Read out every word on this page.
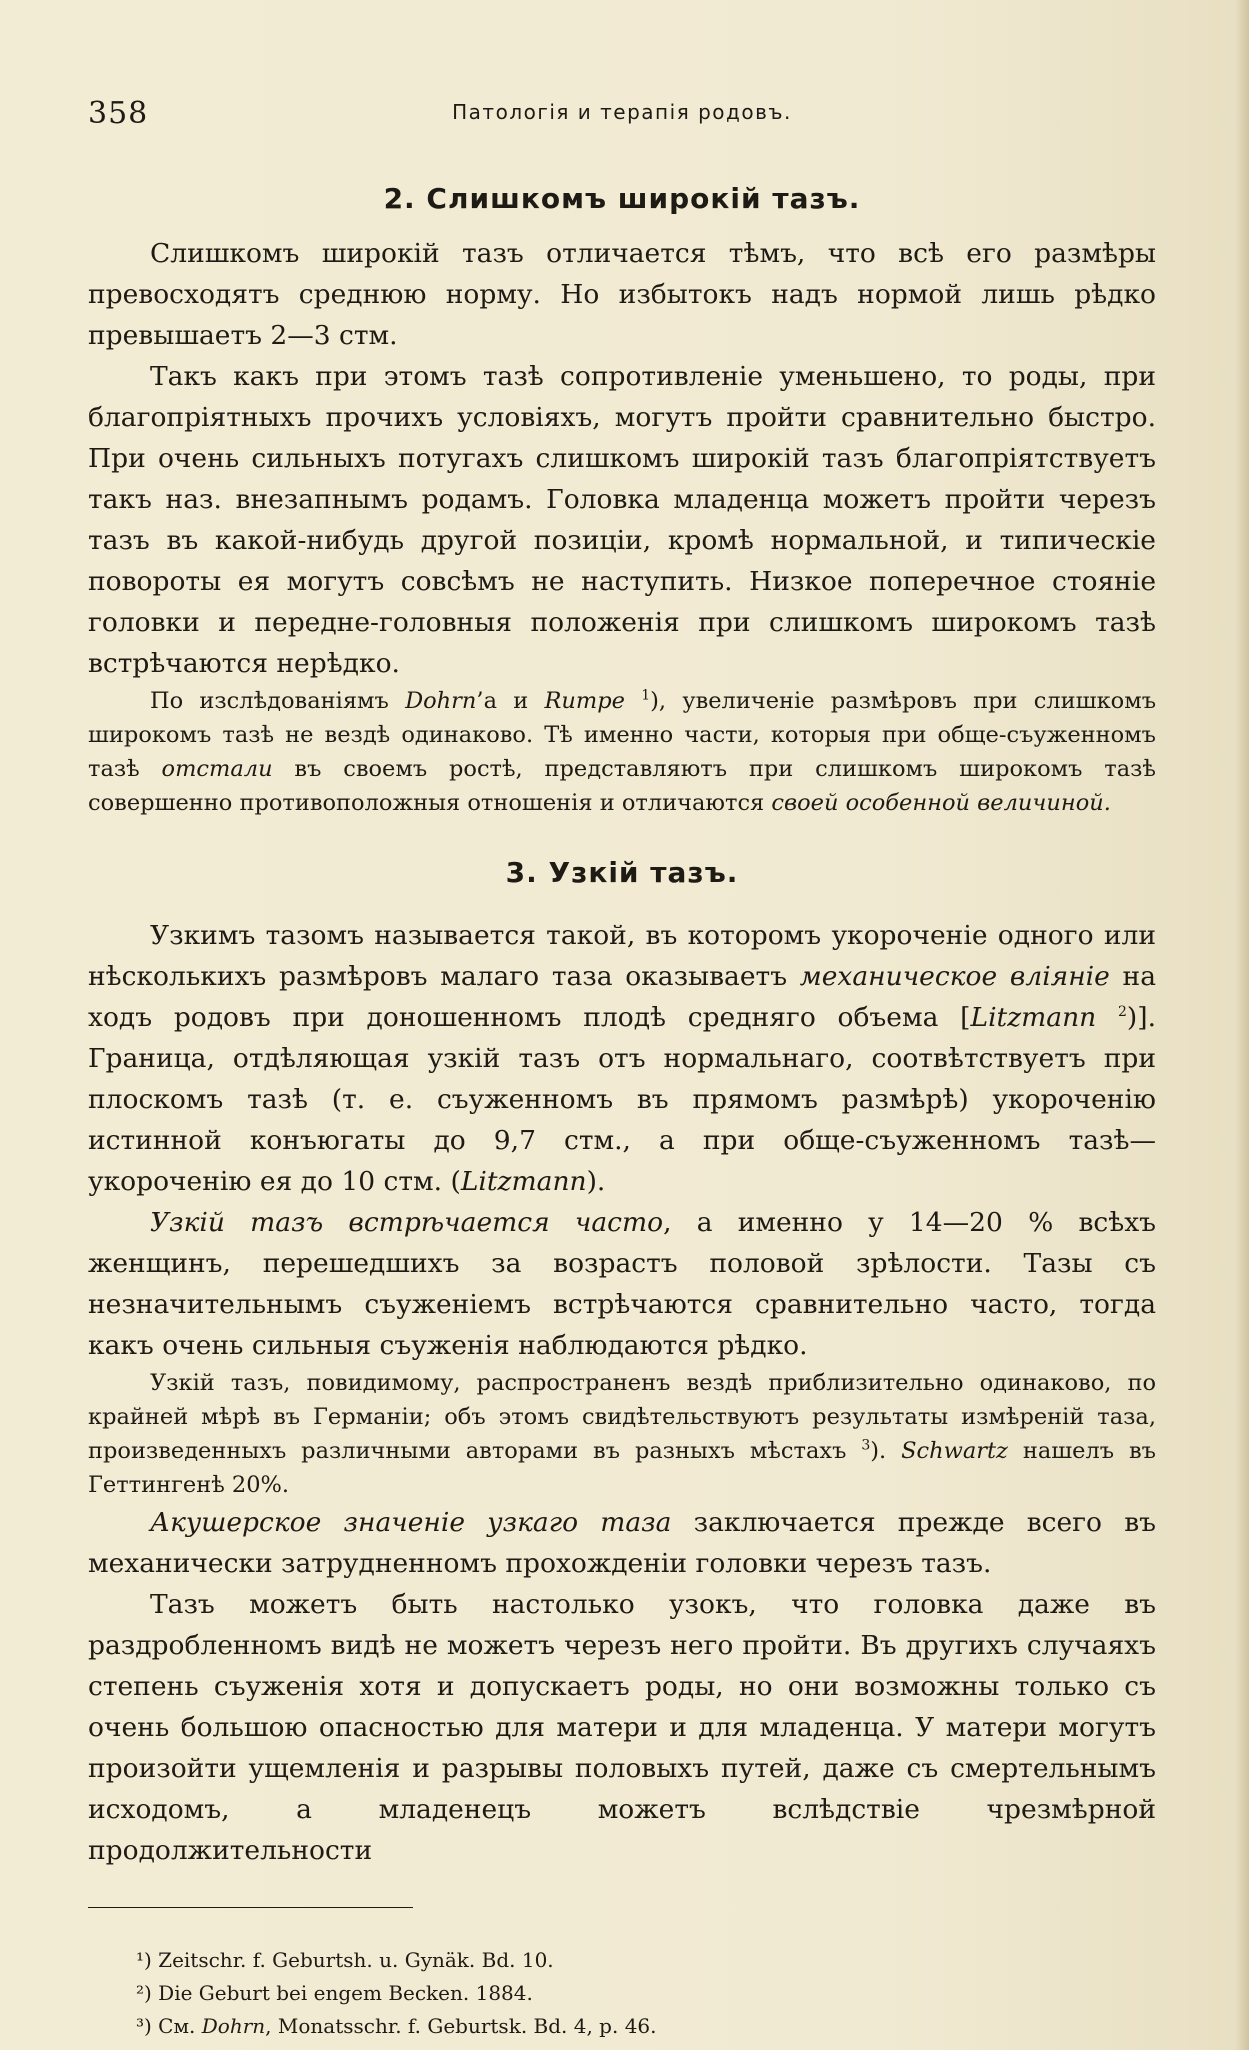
358	Патологія и терапія родовъ.
2. Слишкомъ широкій тазъ.

Слишкомъ широкій тазъ отличается тѣмъ, что всѣ его размѣры превосходятъ среднюю норму. Но избытокъ надъ нормой лишь рѣдко превышаетъ 2—3 стм.

Такъ какъ при этомъ тазѣ сопротивленіе уменьшено, то роды, при благопріятныхъ прочихъ условіяхъ, могутъ пройти сравнительно быстро. При очень сильныхъ потугахъ слишкомъ широкій тазъ благопріятствуетъ такъ наз. внезапнымъ родамъ. Головка младенца можетъ пройти черезъ тазъ въ какой-нибудь другой позиціи, кромѣ нормальной, и типическіе повороты ея могутъ совсѣмъ не наступить. Низкое поперечное стояніе головки и передне-головныя положенія при слишкомъ широкомъ тазѣ встрѣчаются нерѣдко.

По изслѣдованіямъ Dohrn’а и Rumpe $^1$), увеличеніе размѣровъ при слишкомъ широкомъ тазѣ не вездѣ одинаково. Тѣ именно части, которыя при обще-съуженномъ тазѣ отстали въ своемъ ростѣ, представляютъ при слишкомъ широкомъ тазѣ совершенно противоположныя отношенія и отличаются своей особенной величиной.

3. Узкій тазъ.

Узкимъ тазомъ называется такой, въ которомъ укороченіе одного или нѣсколькихъ размѣровъ малаго таза оказываетъ механическое вліяніе на ходъ родовъ при доношенномъ плодѣ средняго объема [Litzmann $^2$)]. Граница, отдѣляющая узкій тазъ отъ нормальнаго, соотвѣтствуетъ при плоскомъ тазѣ (т. е. съуженномъ въ прямомъ размѣрѣ) укороченію истинной конъюгаты до 9,7 стм., а при обще-съуженномъ тазѣ—укороченію ея до 10 стм. (Litzmann).

Узкій тазъ встрѣчается часто, а именно у 14—20 % всѣхъ женщинъ, перешедшихъ за возрастъ половой зрѣлости. Тазы съ незначительнымъ съуженіемъ встрѣчаются сравнительно часто, тогда какъ очень сильныя съуженія наблюдаются рѣдко.

Узкій тазъ, повидимому, распространенъ вездѣ приблизительно одинаково, по крайней мѣрѣ въ Германіи; объ этомъ свидѣтельствуютъ результаты измѣреній таза, произведенныхъ различными авторами въ разныхъ мѣстахъ $^3$). Schwartz нашелъ въ Геттингенѣ 20%.

Акушерское значеніе узкаго таза заключается прежде всего въ механически затрудненномъ прохожденіи головки черезъ тазъ.

Тазъ можетъ быть настолько узокъ, что головка даже въ раздробленномъ видѣ не можетъ черезъ него пройти. Въ другихъ случаяхъ степень съуженія хотя и допускаетъ роды, но они возможны только съ очень большою опасностью для матери и для младенца. У матери могутъ произойти ущемленія и разрывы половыхъ путей, даже съ смертельнымъ исходомъ, а младенецъ можетъ вслѣдствіе чрезмѣрной продолжительности

¹) Zeitschr. f. Geburtsh. u. Gynäk. Bd. 10.
²) Die Geburt bei engem Becken. 1884.
³) См. Dohrn, Monatsschr. f. Geburtsk. Bd. 4, p. 46.
